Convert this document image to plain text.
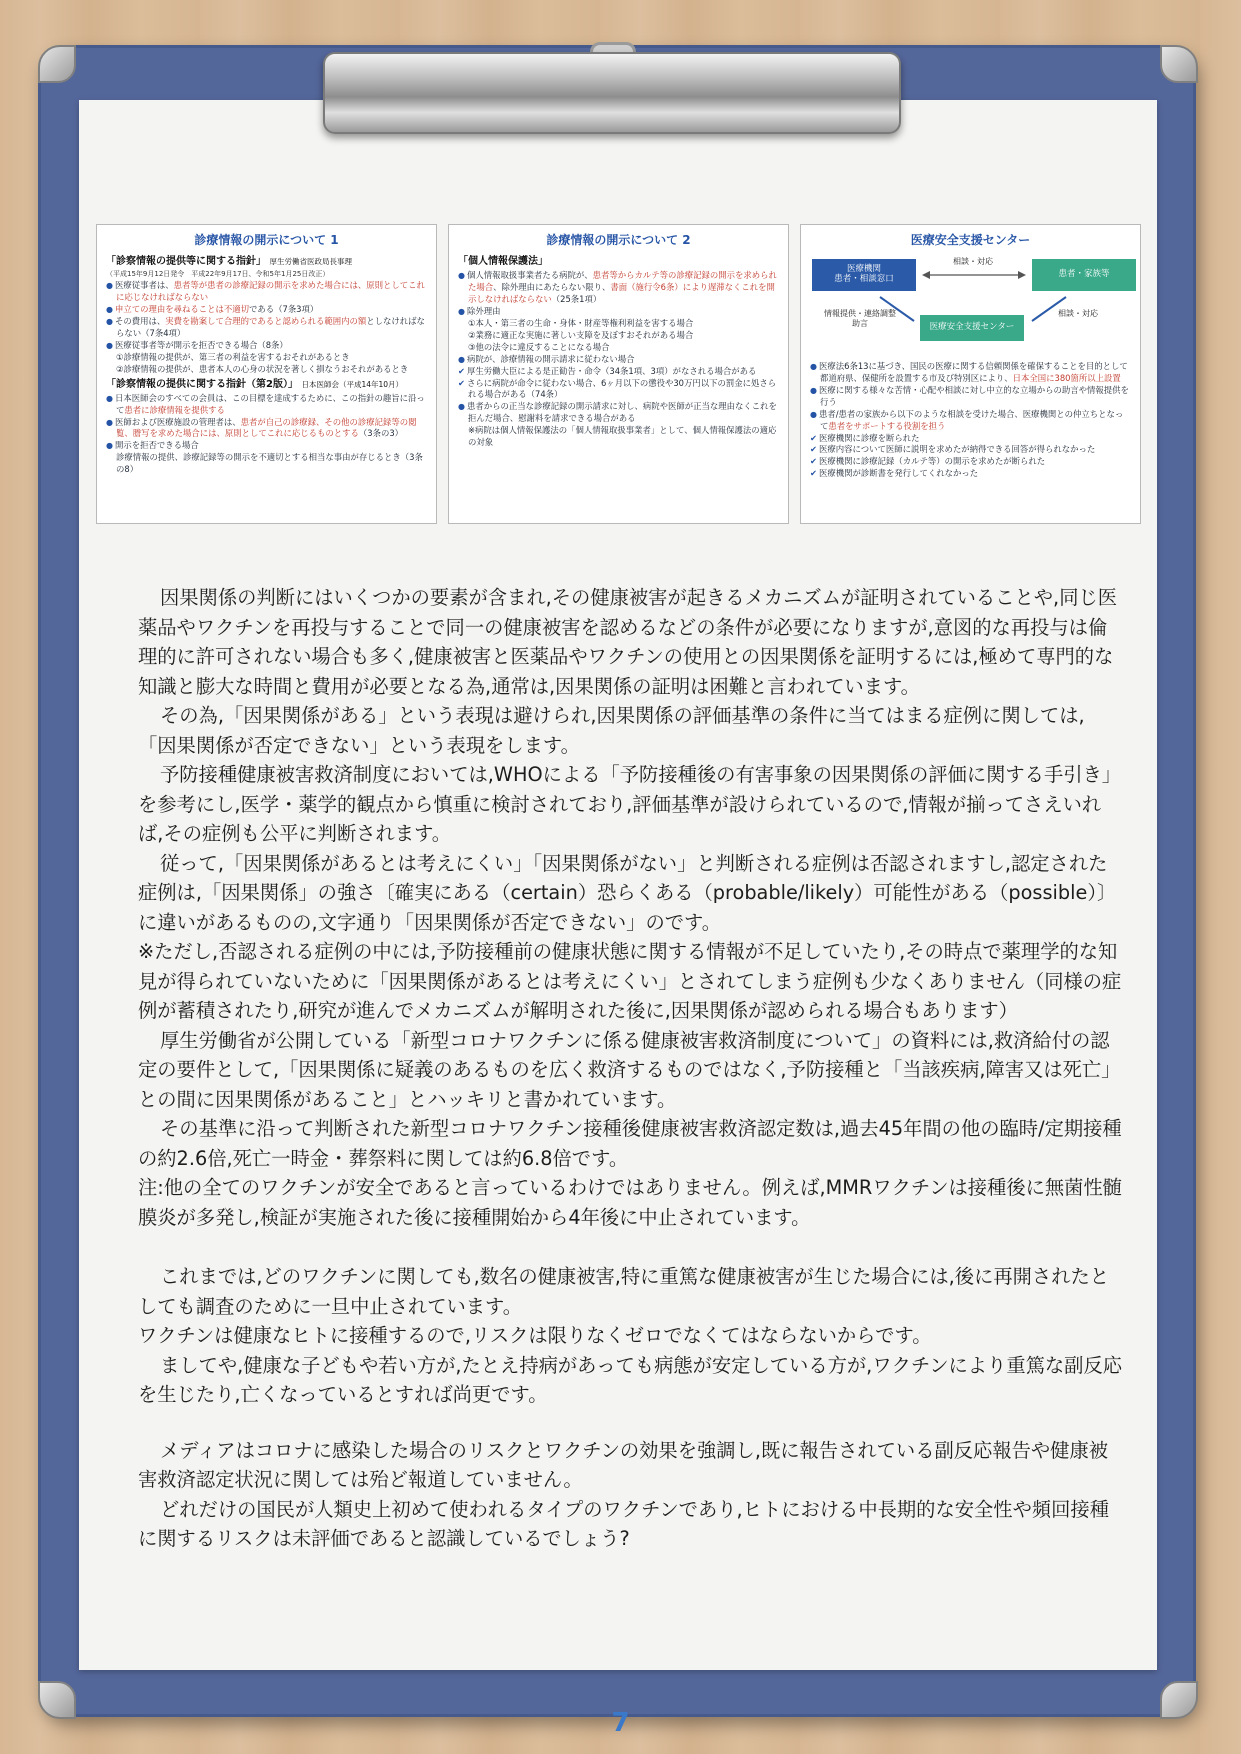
診療情報の開示について 1
「診察情報の提供等に関する指針」 厚生労働省医政局長事理
（平成15年9月12日発令　平成22年9月17日、令和5年1月25日改正）
● 医療従事者は、患者等が患者の診療記録の開示を求めた場合には、原則としてこれに応じなければならない
● 申立ての理由を尋ねることは不適切である（7条3項）
● その費用は、実費を勘案して合理的であると認められる範囲内の額としなければならない（7条4項）
● 医療従事者等が開示を拒否できる場合（8条）
①診療情報の提供が、第三者の利益を害するおそれがあるとき
②診療情報の提供が、患者本人の心身の状況を著しく損なうおそれがあるとき
「診察情報の提供に関する指針（第2版）」 日本医師会（平成14年10月）
● 日本医師会のすべての会員は、この目標を達成するために、この指針の趣旨に沿って患者に診療情報を提供する
● 医師および医療施設の管理者は、患者が自己の診療録、その他の診療記録等の閲覧、謄写を求めた場合には、原則としてこれに応じるものとする（3条の3）
● 開示を拒否できる場合
診療情報の提供、診療記録等の開示を不適切とする相当な事由が存じるとき（3条の8）
診療情報の開示について 2
「個人情報保護法」
● 個人情報取扱事業者たる病院が、患者等からカルテ等の診療記録の開示を求められた場合、除外理由にあたらない限り、書面（施行令6条）により遅滞なくこれを開示しなければならない（25条1項）
● 除外理由
①本人・第三者の生命・身体・財産等権利利益を害する場合
②業務に適正な実施に著しい支障を及ぼすおそれがある場合
③他の法令に違反することになる場合
● 病院が、診療情報の開示請求に従わない場合
✔ 厚生労働大臣による是正勧告・命令（34条1項、3項）がなされる場合がある
✔ さらに病院が命令に従わない場合、6ヶ月以下の懲役や30万円以下の罰金に処さられる場合がある（74条）
● 患者からの正当な診療記録の開示請求に対し、病院や医師が正当な理由なくこれを拒んだ場合、慰謝料を請求できる場合がある
※病院は個人情報保護法の「個人情報取扱事業者」として、個人情報保護法の適応の対象
医療安全支援センター
医療機関
患者・相談窓口	患者・家族等
医療安全支援センター
相談・対応
情報提供・連絡調整
助言
相談・対応
● 医療法6条13に基づき、国民の医療に関する信頼関係を確保することを目的として都道府県、保健所を設置する市及び特別区により、日本全国に380箇所以上設置
● 医療に関する様々な苦情・心配や相談に対し中立的な立場からの助言や情報提供を行う
● 患者/患者の家族から以下のような相談を受けた場合、医療機関との仲立ちとなって患者をサポートする役割を担う
✔ 医療機関に診療を断られた
✔ 医療内容について医師に説明を求めたが納得できる回答が得られなかった
✔ 医療機関に診療記録（カルテ等）の開示を求めたが断られた
✔ 医療機関が診断書を発行してくれなかった

因果関係の判断にはいくつかの要素が含まれ,その健康被害が起きるメカニズムが証明されていることや,同じ医薬品やワクチンを再投与することで同一の健康被害を認めるなどの条件が必要になりますが,意図的な再投与は倫理的に許可されない場合も多く,健康被害と医薬品やワクチンの使用との因果関係を証明するには,極めて専門的な知識と膨大な時間と費用が必要となる為,通常は,因果関係の証明は困難と言われています。

その為,「因果関係がある」という表現は避けられ,因果関係の評価基準の条件に当てはまる症例に関しては,「因果関係が否定できない」という表現をします。

予防接種健康被害救済制度においては,WHOによる「予防接種後の有害事象の因果関係の評価に関する手引き」を参考にし,医学・薬学的観点から慎重に検討されており,評価基準が設けられているので,情報が揃ってさえいれば,その症例も公平に判断されます。

従って,「因果関係があるとは考えにくい」「因果関係がない」と判断される症例は否認されますし,認定された症例は,「因果関係」の強さ〔確実にある（certain）恐らくある（probable/likely）可能性がある（possible）〕に違いがあるものの,文字通り「因果関係が否定できない」のです。

※ただし,否認される症例の中には,予防接種前の健康状態に関する情報が不足していたり,その時点で薬理学的な知見が得られていないために「因果関係があるとは考えにくい」とされてしまう症例も少なくありません（同様の症例が蓄積されたり,研究が進んでメカニズムが解明された後に,因果関係が認められる場合もあります）

厚生労働省が公開している「新型コロナワクチンに係る健康被害救済制度について」の資料には,救済給付の認定の要件として,「因果関係に疑義のあるものを広く救済するものではなく,予防接種と「当該疾病,障害又は死亡」との間に因果関係があること」とハッキリと書かれています。

その基準に沿って判断された新型コロナワクチン接種後健康被害救済認定数は,過去45年間の他の臨時/定期接種の約2.6倍,死亡一時金・葬祭料に関しては約6.8倍です。

注:他の全てのワクチンが安全であると言っているわけではありません。例えば,MMRワクチンは接種後に無菌性髄膜炎が多発し,検証が実施された後に接種開始から4年後に中止されています。

これまでは,どのワクチンに関しても,数名の健康被害,特に重篤な健康被害が生じた場合には,後に再開されたとしても調査のために一旦中止されています。

ワクチンは健康なヒトに接種するので,リスクは限りなくゼロでなくてはならないからです。

ましてや,健康な子どもや若い方が,たとえ持病があっても病態が安定している方が,ワクチンにより重篤な副反応を生じたり,亡くなっているとすれば尚更です。

メディアはコロナに感染した場合のリスクとワクチンの効果を強調し,既に報告されている副反応報告や健康被害救済認定状況に関しては殆ど報道していません。

どれだけの国民が人類史上初めて使われるタイプのワクチンであり,ヒトにおける中長期的な安全性や頻回接種に関するリスクは未評価であると認識しているでしょう?

7
